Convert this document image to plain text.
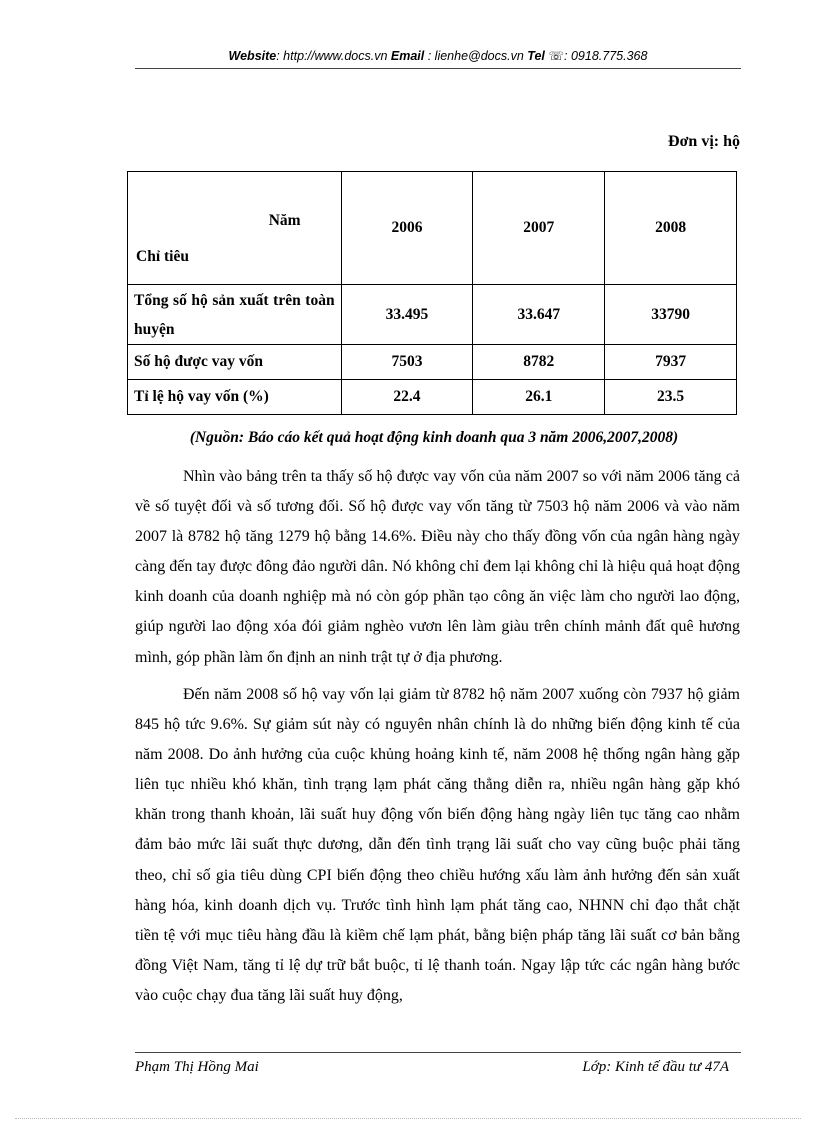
Website: http://www.docs.vn Email : lienhe@docs.vn Tel ☏: 0918.775.368
Đơn vị: hộ
Năm
Chỉ tiêu	2006	2007	2008
Tổng số hộ sản xuất trên toàn huyện	33.495	33.647	33790
Số hộ được vay vốn	7503	8782	7937
Tỉ lệ hộ vay vốn (%)	22.4	26.1	23.5
(Nguồn: Báo cáo kết quả hoạt động kinh doanh qua 3 năm 2006,2007,2008)

Nhìn vào bảng trên ta thấy số hộ được vay vốn của năm 2007 so với năm 2006 tăng cả về số tuyệt đối và số tương đối. Số hộ được vay vốn tăng từ 7503 hộ năm 2006 và vào năm 2007 là 8782 hộ tăng 1279 hộ bằng 14.6%. Điều này cho thấy đồng vốn của ngân hàng ngày càng đến tay được đông đảo người dân. Nó không chỉ đem lại không chỉ là hiệu quả hoạt động kinh doanh của doanh nghiệp mà nó còn góp phần tạo công ăn việc làm cho người lao động, giúp người lao động xóa đói giảm nghèo vươn lên làm giàu trên chính mảnh đất quê hương mình, góp phần làm ổn định an ninh trật tự ở địa phương.

Đến năm 2008 số hộ vay vốn lại giảm từ 8782 hộ năm 2007 xuống còn 7937 hộ giảm 845 hộ tức 9.6%. Sự giảm sút này có nguyên nhân chính là do những biến động kinh tế của năm 2008. Do ảnh hưởng của cuộc khủng hoảng kinh tế, năm 2008 hệ thống ngân hàng gặp liên tục nhiều khó khăn, tình trạng lạm phát căng thẳng diễn ra, nhiều ngân hàng gặp khó khăn trong thanh khoản, lãi suất huy động vốn biến động hàng ngày liên tục tăng cao nhằm đảm bảo mức lãi suất thực dương, dẫn đến tình trạng lãi suất cho vay cũng buộc phải tăng theo, chỉ số gia tiêu dùng CPI biến động theo chiều hướng xấu làm ảnh hưởng đến sản xuất hàng hóa, kinh doanh dịch vụ. Trước tình hình lạm phát tăng cao, NHNN chỉ đạo thắt chặt tiền tệ với mục tiêu hàng đầu là kiềm chế lạm phát, bằng biện pháp tăng lãi suất cơ bản bằng đồng Việt Nam, tăng tỉ lệ dự trữ bắt buộc, tỉ lệ thanh toán. Ngay lập tức các ngân hàng bước vào cuộc chạy đua tăng lãi suất huy động,

Phạm Thị Hồng Mai	Lớp: Kinh tế đầu tư 47A
